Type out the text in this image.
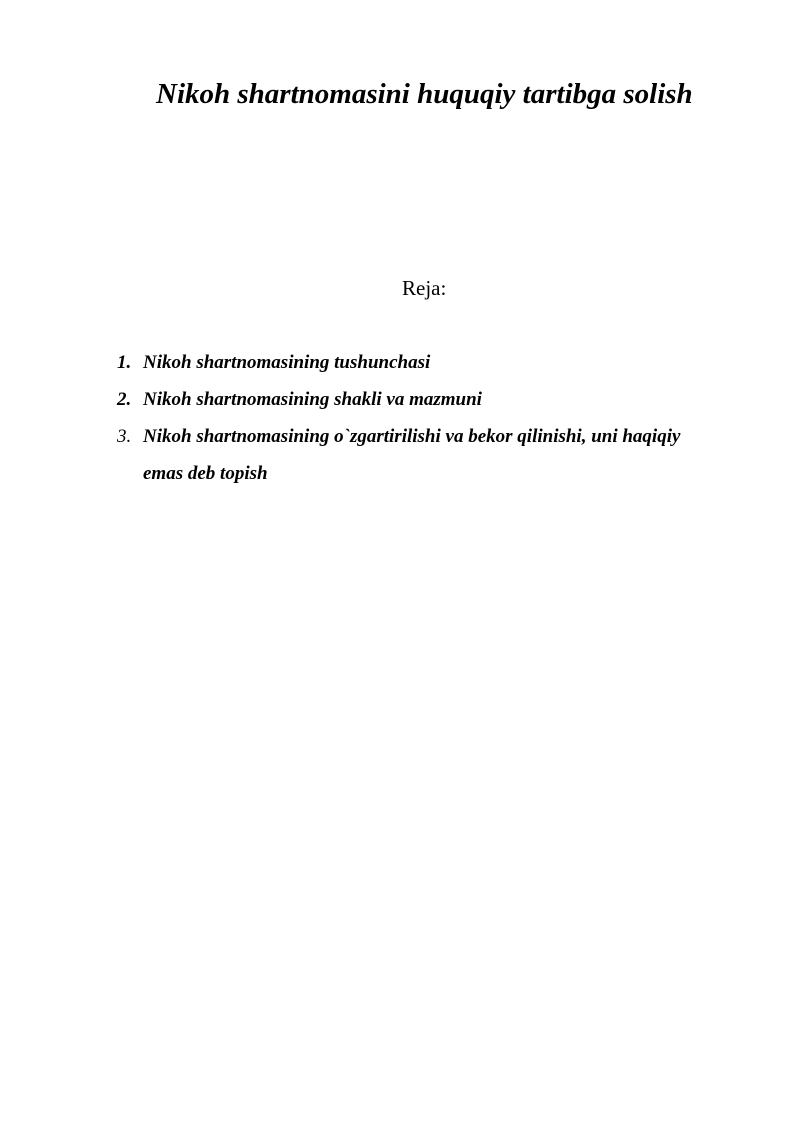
Nikoh shartnomasini huquqiy tartibga solish
Reja:
1. Nikoh shartnomasining tushunchasi
2. Nikoh shartnomasining shakli va mazmuni
3. Nikoh shartnomasining o`zgartirilishi va bekor qilinishi, uni haqiqiy emas deb topish
